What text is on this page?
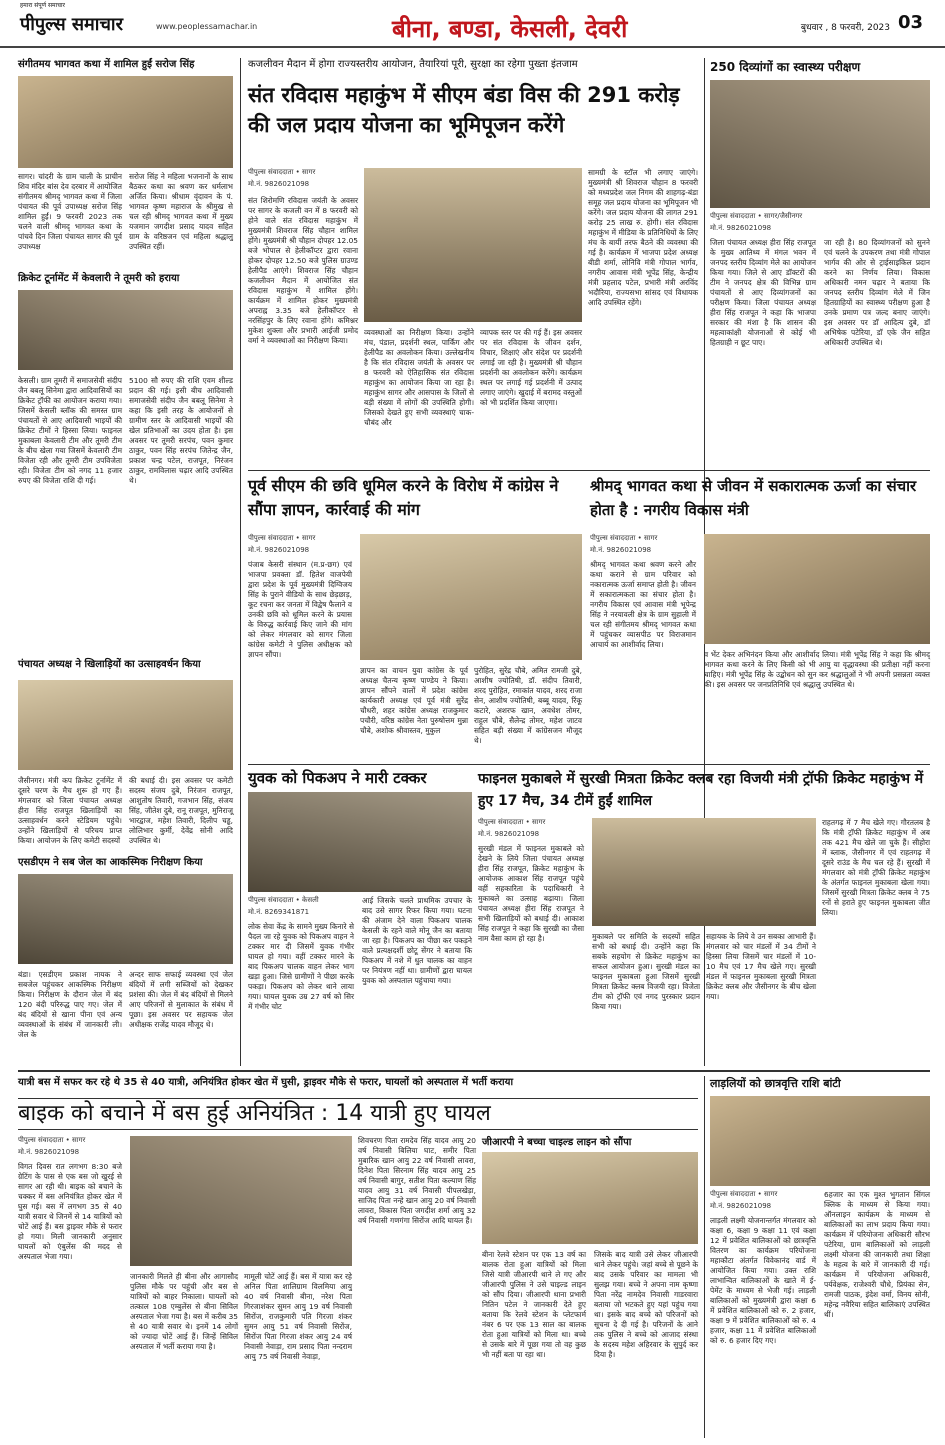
हमारा संपूर्ण समाचार
पीपुल्स समाचार	www.peoplessamachar.in	बीना, बण्डा, केसली, देवरी	बुधवार , 8 फरवरी, 2023 03
संगीतमय भागवत कथा में शामिल हुईं सरोज सिंह
सागर। चांदरी के ग्राम चाली के प्राचीन शिव मंदिर बांस देव दरबार में आयोजित संगीतमय श्रीमद् भागवत कथा में जिला पंचायत की पूर्व उपाध्यक्ष सरोज सिंह शामिल हुईं। 9 फरवरी 2023 तक चलने वाली श्रीमद् भागवत कथा के पांचवे दिन जिला पंचायत सागर की पूर्व उपाध्यक्ष
सरोज सिंह ने महिला भजनानों के साथ बैठकर कथा का श्रवण कर धर्मलाभ अर्जित किया। श्रीधाम वृंदावन के पं. भागवत कृष्ण महाराज के श्रीमुख से चल रही श्रीमद् भागवत कथा में मुख्य यजमान जगदीश प्रसाद यादव सहित ग्राम के वरिष्ठजन एवं महिला श्रद्धालु उपस्थित रहीं।
क्रिकेट टूर्नामेंट में केवलारी ने तूमरी को हराया
केसली। ग्राम तूमरी में समाजसेवी संदीप जैन बबलू सिनेमा द्वारा आदिवासियों का क्रिकेट ट्रॉफी का आयोजन कराया गया। जिसमें केसली ब्लॉक की समस्त ग्राम पंचायतों से आए आदिवासी भाइयों की क्रिकेट टीमों ने हिस्सा लिया। फाइनल मुकाबला केवलारी टीम और तूमरी टीम के बीच खेला गया जिसमें केवलारी टीम विजेता रही और तूमरी टीम उपविजेता रही। विजेता टीम को नगद 11 हजार रुपए की विजेता राशि दी गई।
5100 सौ रुपए की राशि एवम शील्ड प्रदान की गई। इसी बीच आदिवासी समाजसेवी संदीप जैन बबलू सिनेमा ने कहा कि इसी तरह के आयोजनों से ग्रामीण स्तर के आदिवासी भाइयों की खेल प्रतिभाओं का उदय होता है। इस अवसर पर तूमरी सरपंच, पवन कुमार ठाकुर, पवन सिंह सरपंच जितेन्द्र जैन, प्रकाश चन्द्र पटेल, राजपूत, निरंजन ठाकुर, रामविलास चढ़ार आदि उपस्थित थे।
पंचायत अध्यक्ष ने खिलाड़ियों का उत्साहवर्धन किया
जैसीनगर। मंत्री कप क्रिकेट टूर्नामेंट में दूसरे चरण के मैच शुरू हो गए हैं। मंगलवार को जिला पंचायत अध्यक्ष हीरा सिंह राजपूत खिलाड़ियों का उत्साहवर्धन करने स्टेडियम पहुंचे। उन्होंने खिलाड़ियों से परिचय प्राप्त किया। आयोजन के लिए कमेटी सदस्यों
की बधाई दी। इस अवसर पर कमेटी सदस्य संजय दुबे, निरंजन राजपूत, आशुतोष तिवारी, गजभान सिंह, संजय सिंह, जीतेश दुबे, रानू राजपूत, मुनिराजू भारद्वाज, महेश तिवारी, दिलीप चड्ढ, लोलिभार कुर्मी, देवेंद्र सोनी आदि उपस्थित थे।
एसडीएम ने सब जेल का आकस्मिक निरीक्षण किया
बंडा। एसडीएम प्रकाश नायक ने सबजेल पहुंचकर आकस्मिक निरीक्षण किया। निरीक्षण के दौरान जेल में बंद 120 बंदी परिरुद्ध पाए गए। जेल में बंद बंदियों से खाना पीना एवं अन्य व्यवस्थाओं के संबंध में जानकारी ली। जेल के
अन्दर साफ सफाई व्यवस्था एवं जेल बंदियों में लगी सब्जियों को देखकर प्रशंसा की। जेल में बंद बंदियों से मिलने आए परिजनों से मुलाकात के संबंध में पूछा। इस अवसर पर सहायक जेल अधीक्षक राजेंद्र यादव मौजूद थे।
कजलीवन मैदान में होगा राज्यस्तरीय आयोजन, तैयारियां पूरी, सुरक्षा का रहेगा पुख्ता इंतजाम
संत रविदास महाकुंभ में सीएम बंडा विस की 291 करोड़ की जल प्रदाय योजना का भूमिपूजन करेंगे
पीपुल्स संवाददाता • सागर
मो.नं. 9826021098
संत शिरोमणि रविदास जयंती के अवसर पर सागर के कजली वन में 8 फरवरी को होने वाले संत रविदास महाकुंभ में मुख्यमंत्री शिवराज सिंह चौहान शामिल होंगे। मुख्यमंत्री श्री चौहान दोपहर 12.05 बजे भोपाल से हेलीकॉप्टर द्वारा रवाना होकर दोपहर 12.50 बजे पुलिस ग्राउण्ड हेलीपैड आएंगे। शिवराज सिंह चौहान कजलीवन मैदान में आयोजित संत रविदास महाकुंभ में शामिल होंगे। कार्यक्रम में शामिल होकर मुख्यमंत्री अपराह्न 3.35 बजे हेलीकॉप्टर से नरसिंहपुर के लिए रवाना होंगे। कमिश्नर मुकेश शुक्ला और प्रभारी आईजी प्रमोद वर्मा ने व्यवस्थाओं का निरीक्षण किया।
व्यवस्थाओं का निरीक्षण किया। उन्होंने मंच, पंडाल, प्रदर्शनी स्थल, पार्किंग और हेलीपैड का अवलोकन किया। उल्लेखनीय है कि संत रविदास जयंती के अवसर पर 8 फरवरी को ऐतिहासिक संत रविदास महाकुंभ का आयोजन किया जा रहा है। महाकुंभ सागर और आसपास के जिलों से बड़ी संख्या में लोगों की उपस्थिति होगी। जिसको देखते हुए सभी व्यवस्थाएं चाक-चौबंद और
व्यापक स्तर पर की गई हैं। इस अवसर पर संत रविदास के जीवन दर्शन, विचार, शिक्षाएं और संदेश पर प्रदर्शनी लगाई जा रही है। मुख्यमंत्री श्री चौहान प्रदर्शनी का अवलोकन करेंगे। कार्यक्रम स्थल पर लगाई गई प्रदर्शनी में उत्पाद लगाए जाएंगे। खुदाई में बरामद वस्तुओं को भी प्रदर्शित किया जाएगा।
सामग्री के स्टॉल भी लगाए जाएंगे। मुख्यमंत्री श्री शिवराज चौहान 8 फरवरी को मध्यप्रदेश जल निगम की शाहगढ़-बंडा समूह जल प्रदाय योजना का भूमिपूजन भी करेंगे। जल प्रदाय योजना की लागत 291 करोड़ 25 लाख रु. होगी। संत रविदास महाकुंभ में मीडिया के प्रतिनिधियों के लिए मंच के बायीं तरफ बैठने की व्यवस्था की गई है। कार्यक्रम में भाजपा प्रदेश अध्यक्ष बीडी शर्मा, लोनिवि मंत्री गोपाल भार्गव, नगरीय आवास मंत्री भूपेंद्र सिंह, केन्द्रीय मंत्री प्रहलाद पटेल, प्रभारी मंत्री अरविंद भदौरिया, राज्यसभा सांसद एवं विधायक आदि उपस्थित रहेंगे।
250 दिव्यांगों का स्वास्थ्य परीक्षण
पीपुल्स संवाददाता • सागर/जैसीनगर
मो.नं. 9826021098
जिला पंचायत अध्यक्ष हीरा सिंह राजपूत के मुख्य आतिथ्य में मंगल भवन में जनपद स्तरीय दिव्यांग मेले का आयोजन किया गया। जिले से आए डॉक्टरों की टीम ने जनपद क्षेत्र की विभिन्न ग्राम पंचायतों से आए दिव्यांगजनों का परीक्षण किया। जिला पंचायत अध्यक्ष हीरा सिंह राजपूत ने कहा कि भाजपा सरकार की मंशा है कि शासन की महत्वाकांक्षी योजनाओं से कोई भी हितग्राही न छूट पाए।
जा रही है। 80 दिव्यांगजनों को सुनने एवं चलने के उपकरण तथा मंत्री गोपाल भार्गव की ओर से ट्राईसाइकिल प्रदान करने का निर्णय लिया। विकास अधिकारी नमन चढ़ार ने बताया कि जनपद स्तरीय दिव्यांग मेले में जिन हितग्राहियों का स्वास्थ्य परीक्षण हुआ है उनके प्रमाण पत्र जल्द बनाए जाएंगे। इस अवसर पर डॉ आदित्य दुबे, डॉ अभिषेक पटेरिया, डॉ एके जैन सहित अधिकारी उपस्थित थे।
पूर्व सीएम की छवि धूमिल करने के विरोध में कांग्रेस ने सौंपा ज्ञापन, कार्रवाई की मांग
पीपुल्स संवाददाता • सागर
मो.नं. 9826021098
पंजाब केसरी संस्थान (म.प्र-छग) एवं भाजपा प्रवक्ता डॉ. हितेश वाजपेयी द्वारा प्रदेश के पूर्व मुख्यमंत्री दिग्विजय सिंह के पुराने वीडियो के साथ छेड़छाड़, कूट रचना कर जनता में विद्वेष फैलाने व उनकी छवि को धूमिल करने के प्रयास के विरुद्ध कार्रवाई किए जाने की मांग को लेकर मंगलवार को सागर जिला कांग्रेस कमेटी ने पुलिस अधीक्षक को ज्ञापन सौंपा।
ज्ञापन का वाचन युवा कांग्रेस के पूर्व अध्यक्ष चैतन्य कृष्ण पाण्डेय ने किया। ज्ञापन सौंपने वालों में प्रदेश कांग्रेस कार्यकारी अध्यक्ष एवं पूर्व मंत्री सुरेंद्र चौधरी, शहर कांग्रेस अध्यक्ष राजकुमार पचौरी, वरिष्ठ कांग्रेस नेता पुरुषोत्तम मुन्ना चौबे, अशोक श्रीवास्तव, मुकुल
पुरोहित, सुरेंद्र चौबे, अमित रामजी दुबे, आशीष ज्योतिषी, डॉ. संदीप तिवारी, शरद पुरोहित, रमाकांत यादव, शरद राजा सेन, आशीष ज्योतिषी, बब्बू यादव, रिंकू कटारे, अशरफ खान, अवधेश तोमर, राहुल चौबे, सैलेन्द्र तोमर, महेश जाटव सहित बड़ी संख्या में कांग्रेसजन मौजूद थे।
श्रीमद् भागवत कथा से जीवन में सकारात्मक ऊर्जा का संचार होता है : नगरीय विकास मंत्री
पीपुल्स संवाददाता • सागर
मो.नं. 9826021098
श्रीमद् भागवत कथा श्रवण करने और कथा कराने से ग्राम परिवार को नकारात्मक ऊर्जा समाप्त होती है। जीवन में सकारात्मकता का संचार होता है। नगरीय विकास एवं आवास मंत्री भूपेन्द्र सिंह ने नरयावली क्षेत्र के ग्राम सुहाली में चल रही संगीतमय श्रीमद् भागवत कथा में पहुंचकर व्यासपीठ पर विराजमान आचार्य का आशीर्वाद लिया।
व भेंट देकर अभिनंदन किया और आशीर्वाद लिया। मंत्री भूपेंद्र सिंह ने कहा कि श्रीमद् भागवत कथा करने के लिए किसी को भी आयु या वृद्धावस्था की प्रतीक्षा नहीं करना चाहिए। मंत्री भूपेंद्र सिंह के उद्बोधन को सुन कर श्रद्धालुओं ने भी अपनी प्रसन्नता व्यक्त की। इस अवसर पर जनप्रतिनिधि एवं श्रद्धालु उपस्थित थे।
युवक को पिकअप ने मारी टक्कर
पीपुल्स संवाददाता • केसली
मो.नं. 8269341871
लोक सेवा केंद्र के सामने मुख्य किनारे से पैदल जा रहे युवक को पिकअप वाहन ने टक्कर मार दी जिसमें युवक गंभीर घायल हो गया। वहीं टक्कर मारने के बाद पिकअप चालक वाहन लेकर भाग खड़ा हुआ। जिसे ग्रामीणों ने पीछा करके पकड़ा। पिकअप को लेकर थाने लाया गया। घायल युवक उम्र 27 वर्ष को सिर में गंभीर चोट
आई जिसके चलते प्राथमिक उपचार के बाद उसे सागर रिफर किया गया। घटना की अंजाम देने वाला पिकअप चालक केसली के रहने वाले मोनू जैन का बताया जा रहा है। पिकअप का पीछा कर पकड़ने वाले प्रत्यक्षदर्शी छोटू सेंगर ने बताया कि पिकअप में नशे में धुत चालक का वाहन पर नियंत्रण नहीं था। ग्रामीणों द्वारा घायल युवक को अस्पताल पहुंचाया गया।
फाइनल मुकाबले में सुरखी मित्रता क्रिकेट क्लब रहा विजयी मंत्री ट्रॉफी क्रिकेट महाकुंभ में हुए 17 मैच, 34 टीमें हुईं शामिल
पीपुल्स संवाददाता • सागर
मो.नं. 9826021098
सुरखी मंडल में फाइनल मुकाबले को देखने के लिये जिला पंचायत अध्यक्ष हीरा सिंह राजपूत, क्रिकेट महाकुंभ के आयोजक आकाश सिंह राजपूत पहुंचे वहीं सहकारिता के पदाधिकारी ने मुकाबले का उत्साह बढ़ाया। जिला पंचायत अध्यक्ष हीरा सिंह राजपूत ने सभी खिलाड़ियों को बधाई दी। आकाश सिंह राजपूत ने कहा कि सुरखी का जैसा नाम वैसा काम हो रहा है।	मुकाबले पर समिति के सदस्यों सहित सभी को बधाई दी। उन्होंने कहा कि सबके सहयोग से क्रिकेट महाकुंभ का सफल आयोजन हुआ। सुरखी मंडल का फाइनल मुकाबला हुआ जिसमें सुरखी मित्रता क्रिकेट क्लब विजयी रहा। विजेता टीम को ट्रॉफी एवं नगद पुरस्कार प्रदान किया गया।
सहायक के लिये वे उन सबका आभारी हैं। मंगलवार को चार मंडलों में 34 टीमों ने हिस्सा लिया जिसमें चार मंडलों में 10-10 मैच एवं 17 मैच खेले गए। सुरखी मंडल में फाइनल मुकाबला सुरखी मित्रता क्रिकेट क्लब और जैसीनगर के बीच खेला गया।
राहतगढ़ में 7 मैच खेले गए। गौरतलब है कि मंत्री ट्रॉफी क्रिकेट महाकुंभ में अब तक 421 मैच खेले जा चुके हैं। सीहोरा में ब्लाक, जैसीनगर में एवं राहतगढ़ में दूसरे राउंड के मैच चल रहे हैं। सुरखी में मंगलवार को मंत्री ट्रॉफी क्रिकेट महाकुंभ के अंतर्गत फाइनल मुकाबला खेला गया। जिसमें सुरखी मित्रता क्रिकेट क्लब ने 75 रनों से हराते हुए फाइनल मुकाबला जीत लिया।
यात्री बस में सफर कर रहे थे 35 से 40 यात्री, अनियंत्रित होकर खेत में घुसी, ड्राइवर मौके से फरार, घायलों को अस्पताल में भर्ती कराया
बाइक को बचाने में बस हुई अनियंत्रित : 14 यात्री हुए घायल
पीपुल्स संवाददाता • सागर
मो.नं. 9826021098
विगत दिवस रात लगभग 8:30 बजे ग्रेटिंग के पास से एक बस जो खुरई से सागर आ रही थी। बाइक को बचाने के चक्कर में बस अनियंत्रित होकर खेत में घुस गई। बस में लगभग 35 से 40 यात्री सवार थे जिनमें से 14 यात्रियों को चोटें आई हैं। बस ड्राइवर मौके से फरार हो गया। मिली जानकारी अनुसार घायलों को एंबुलेंस की मदद से अस्पताल भेजा गया।
जानकारी मिलते ही बीना और आगासौद पुलिस मौके पर पहुंची और बस से यात्रियों को बाहर निकाला। घायलों को तत्काल 108 एम्बुलेंस से बीना सिविल अस्पताल भेजा गया है। बस में करीब 35 से 40 यात्री सवार थे। इनमें 14 लोगों को ज्यादा चोटें आई हैं। जिन्हें सिविल अस्पताल में भर्ती कराया गया है।
मामूली चोटें आई हैं। बस में यात्रा कर रहे अनिल पिता शालिग्राम विलमिया आयु 40 वर्ष निवासी बीना, नरेश पिता गिरजाशंकर सुमन आयु 19 वर्ष निवासी सिरोंज, राजकुमारी पति गिरजा शंकर सुमन आयु 51 वर्ष निवासी सिरोंज, सिरोंज पिता गिरजा शंकर आयु 24 वर्ष निवासी नेवाड़ा, राम प्रसाद पिता नन्दराम आयु 75 वर्ष निवासी नेवाड़ा,
शिवचरण पिता रामदेव सिंह यादव आयु 20 वर्ष निवासी बिलिया घाट, समीर पिता मुबारिक खान आयु 22 वर्ष निवासी लावरा, दिनेश पिता सिरनाम सिंह यादव आयु 25 वर्ष निवासी बागुर, सतीश पिता कल्याण सिंह यादव आयु 31 वर्ष निवासी पीपलखेड़ा, साजिद पिता नन्हे खान आयु 20 वर्ष निवासी लावरा, विकास पिता जगदीश शर्मा आयु 32 वर्ष निवासी गणगंगा सिरोंज आदि घायल हैं।
जीआरपी ने बच्चा चाइल्ड लाइन को सौंपा
बीना रेलवे स्टेशन पर एक 13 वर्ष का बालक रोता हुआ यात्रियों को मिला जिसे यात्री जीआरपी थाने ले गए और जीआरपी पुलिस ने उसे चाइल्ड लाइन को सौंप दिया। जीआरपी थाना प्रभारी नितिन पटेल ने जानकारी देते हुए बताया कि रेलवे स्टेशन के प्लेटफार्म नंबर 6 पर एक 13 साल का बालक रोता हुआ यात्रियों को मिला था। बच्चे से उसके बारे में पूछा गया तो वह कुछ भी नहीं बता पा रहा था।
जिसके बाद यात्री उसे लेकर जीआरपी थाने लेकर पहुंचे। जहां बच्चे से पूछने के बाद उसके परिवार का मामला भी सुलझ गया। बच्चे ने अपना नाम कृष्णा पिता नरेंद्र नामदेव निवासी गाडरवारा बताया जो भटकते हुए यहां पहुंच गया था। इसके बाद बच्चे को परिजनों को सूचना दे दी गई है। परिजनों के आने तक पुलिस ने बच्चे को आजाद संस्था के सदस्य महेश अहिरवार के सुपुर्द कर दिया है।
लाड़लियों को छात्रवृत्ति राशि बांटी
पीपुल्स संवाददाता • सागर
मो.नं. 9826021098
लाड़ली लक्ष्मी योजनान्तर्गत मंगलवार को कक्षा 6, कक्षा 9 कक्षा 11 एवं कक्षा 12 में प्रवेशित बालिकाओं को छात्रवृत्ति वितरण का कार्यक्रम परियोजना महाकौटा अंतर्गत विवेकानंद वार्ड में आयोजित किया गया। उक्त राशि लाभान्वित बालिकाओं के खाते में ई-पेमेंट के माध्यम से भेजी गई। लाड़ली बालिकाओं को मुख्यमंत्री द्वारा कक्षा 6 में प्रवेशित बालिकाओं को रु. 2 हजार, कक्षा 9 में प्रवेशित बालिकाओं को रु. 4 हजार, कक्षा 11 में प्रवेशित बालिकाओं को रु. 6 हजार दिए गए।
6हजार का एक मुश्त भुगतान सिंगल क्लिक के माध्यम से किया गया। ऑनलाइन कार्यक्रम के माध्यम से बालिकाओं का लाभ प्रदाय किया गया। कार्यक्रम में परियोजना अधिकारी सौरभ पटेरिया, ग्राम बालिकाओं को लाड़ली लक्ष्मी योजना की जानकारी तथा शिक्षा के महत्व के बारे में जानकारी दी गई। कार्यक्रम में परियोजना अधिकारी, पर्यवेक्षक, राजेश्वरी चौधे, प्रियंका सेन, रामजी पाठक, इंदेश वर्मा, विनय सोनी, महेन्द्र नवैरिया सहित बालिकाएं उपस्थित थीं।
